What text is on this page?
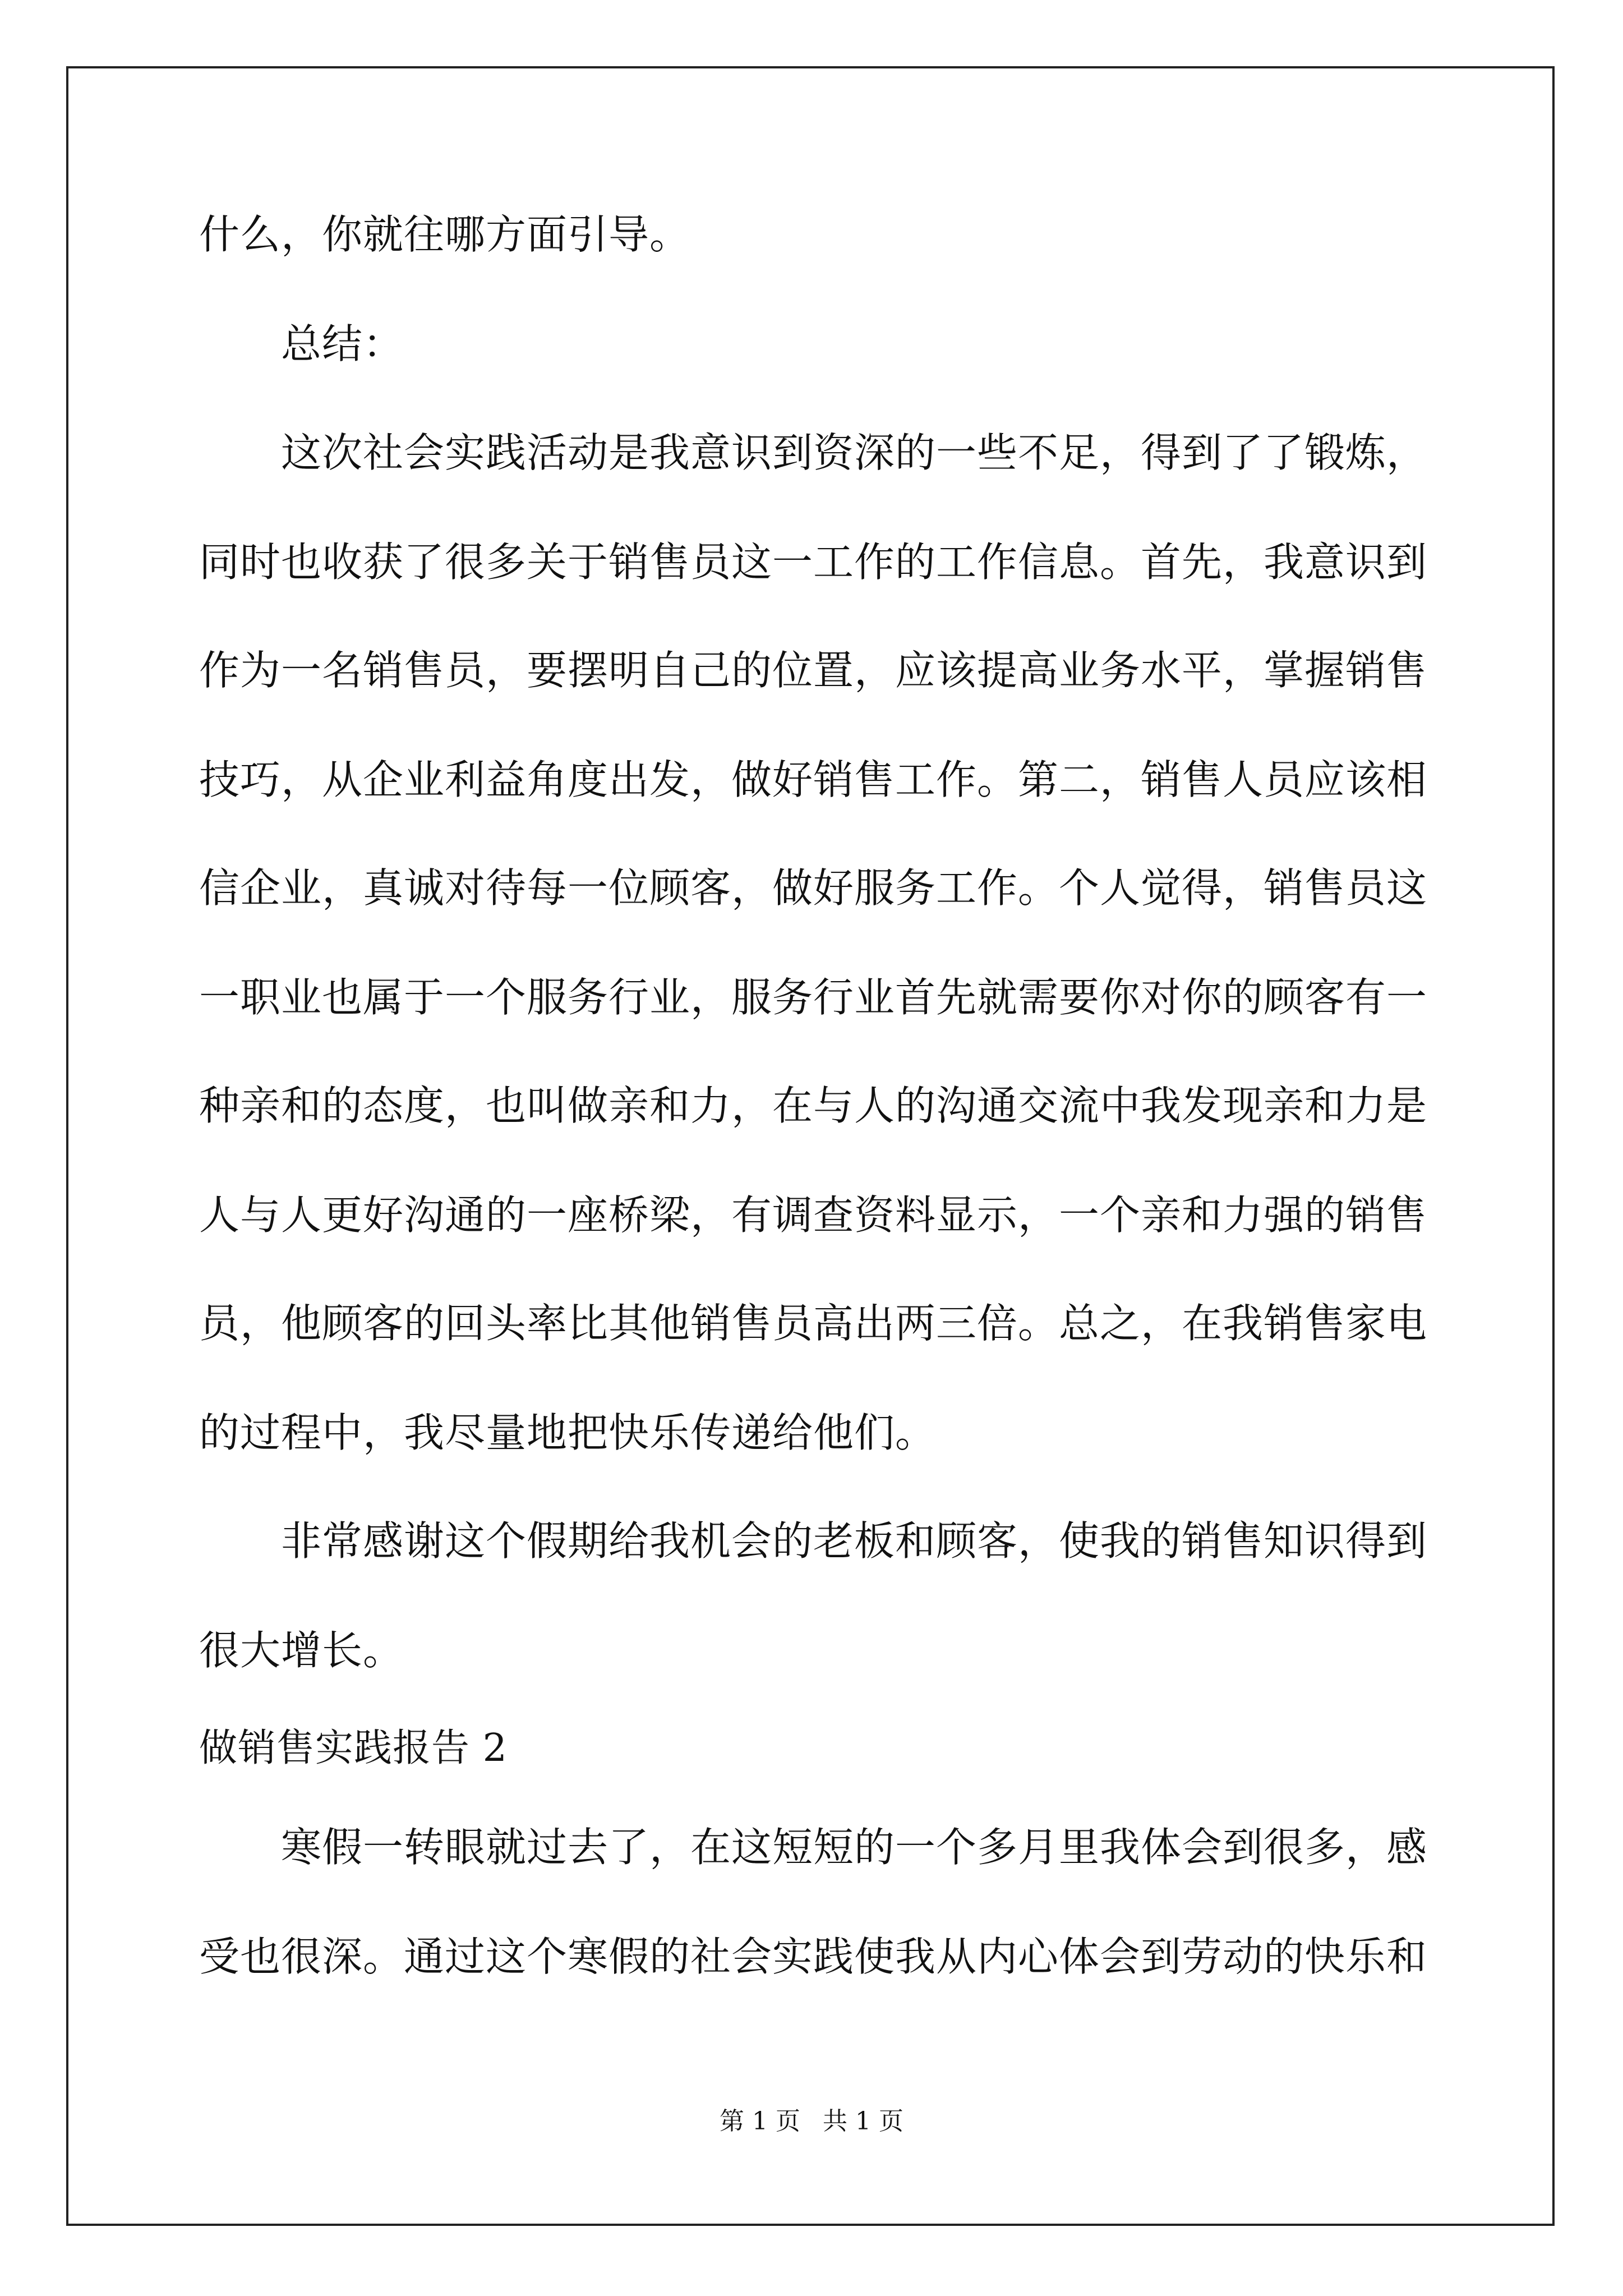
什么，你就往哪方面引导。
总结：
这次社会实践活动是我意识到资深的一些不足，得到了了锻炼，
同时也收获了很多关于销售员这一工作的工作信息。首先，我意识到
作为一名销售员，要摆明自己的位置，应该提高业务水平，掌握销售
技巧，从企业利益角度出发，做好销售工作。第二，销售人员应该相
信企业，真诚对待每一位顾客，做好服务工作。个人觉得，销售员这
一职业也属于一个服务行业，服务行业首先就需要你对你的顾客有一
种亲和的态度，也叫做亲和力，在与人的沟通交流中我发现亲和力是
人与人更好沟通的一座桥梁，有调查资料显示，一个亲和力强的销售
员，他顾客的回头率比其他销售员高出两三倍。总之，在我销售家电
的过程中，我尽量地把快乐传递给他们。
非常感谢这个假期给我机会的老板和顾客，使我的销售知识得到
很大增长。
做销售实践报告 2
寒假一转眼就过去了，在这短短的一个多月里我体会到很多，感
受也很深。通过这个寒假的社会实践使我从内心体会到劳动的快乐和
第 1 页 共 1 页
